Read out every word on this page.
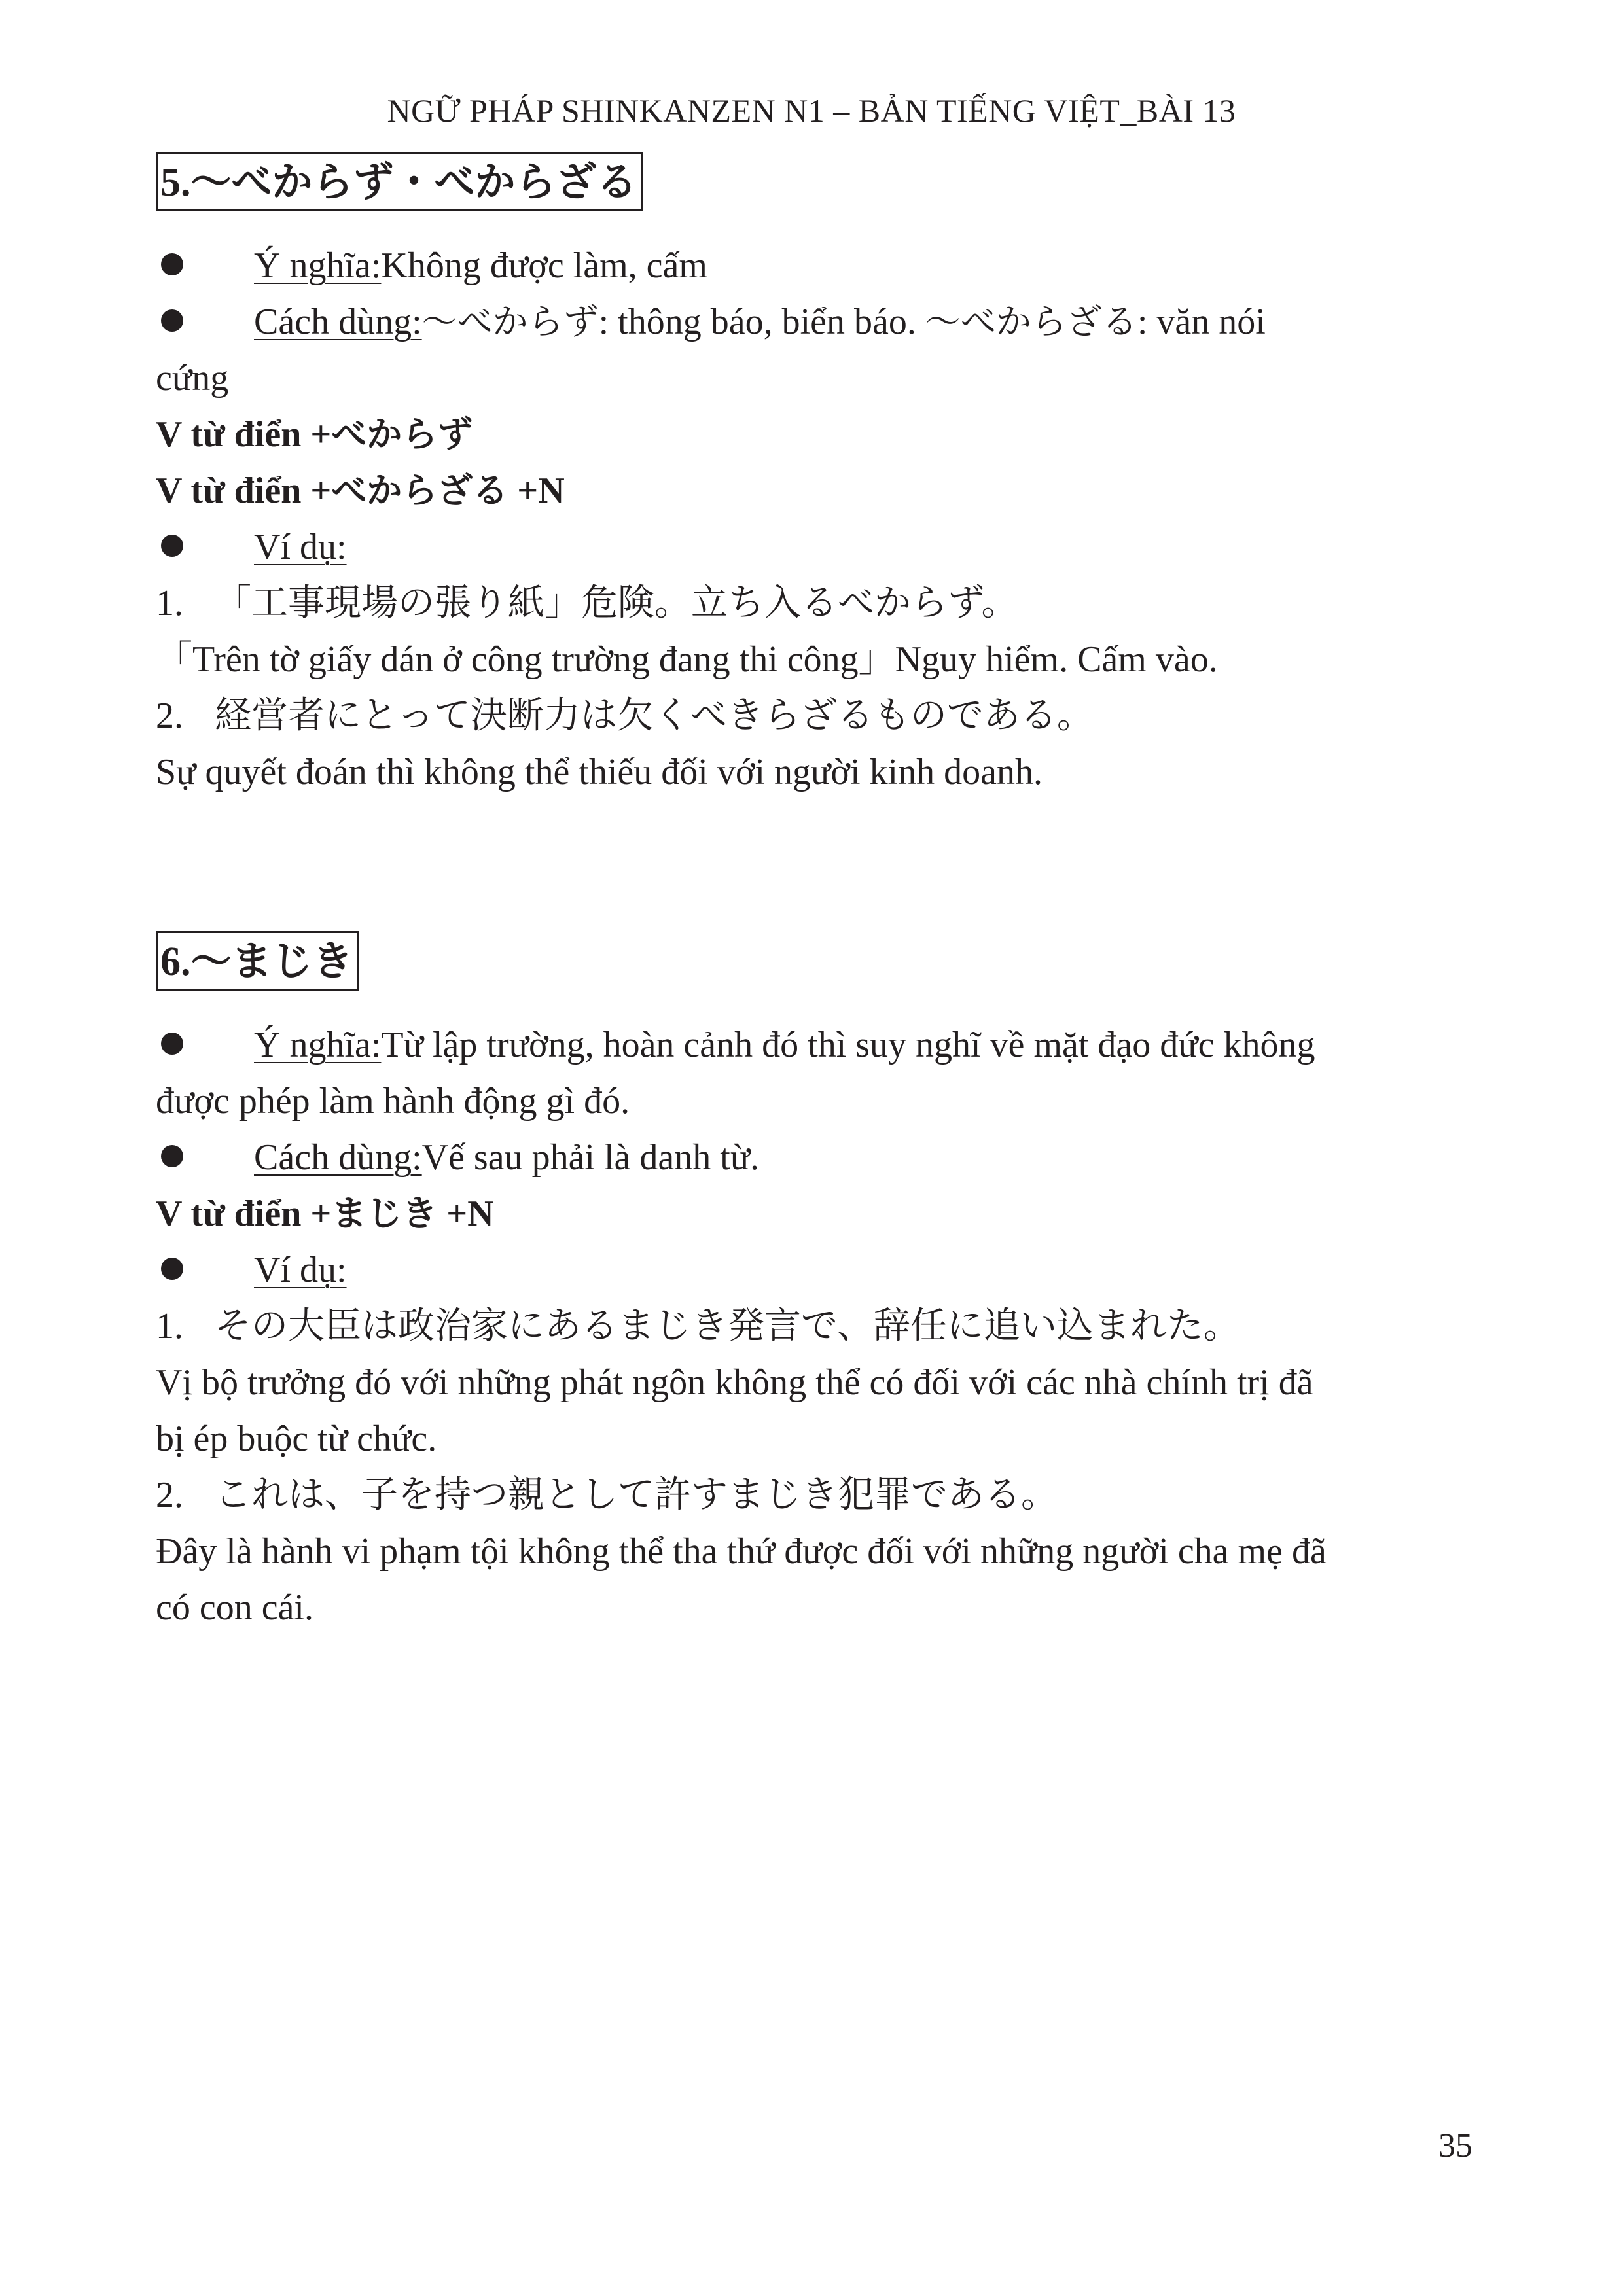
NGỮ PHÁP SHINKANZEN N1 – BẢN TIẾNG VIỆT_BÀI 13
5.～べからず・べからざる
Ý nghĩa:Không được làm, cấm
Cách dùng:～べからず: thông báo, biển báo. ～べからざる: văn nói
cứng
V từ điển +べからず
V từ điển +べからざる +N
Ví dụ:
1. 「工事現場の張り紙」危険。立ち入るべからず。
「Trên tờ giấy dán ở công trường đang thi công」Nguy hiểm. Cấm vào.
2. 経営者にとって決断力は欠くべきらざるものである。
Sự quyết đoán thì không thể thiếu đối với người kinh doanh.
6.～まじき
Ý nghĩa:Từ lập trường, hoàn cảnh đó thì suy nghĩ về mặt đạo đức không
được phép làm hành động gì đó.
Cách dùng:Vế sau phải là danh từ.
V từ điển +まじき +N
Ví dụ:
1. その大臣は政治家にあるまじき発言で、辞任に追い込まれた。
Vị bộ trưởng đó với những phát ngôn không thể có đối với các nhà chính trị đã
bị ép buộc từ chức.
2. これは、子を持つ親として許すまじき犯罪である。
Đây là hành vi phạm tội không thể tha thứ được đối với những người cha mẹ đã
có con cái.
35
